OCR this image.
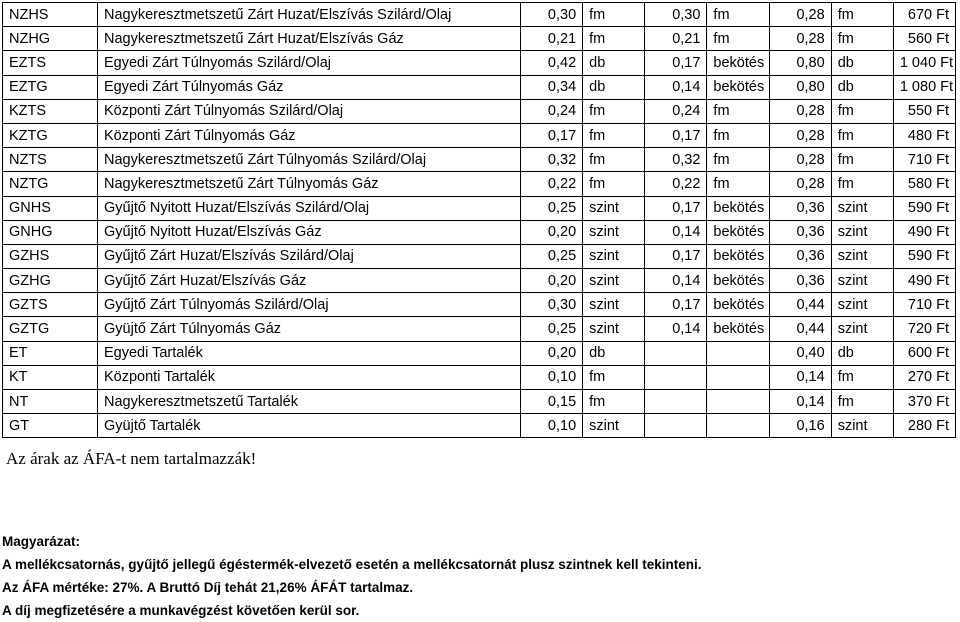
NZHS	Nagykeresztmetszetű Zárt Huzat/Elszívás Szilárd/Olaj	0,30	fm	0,30	fm	0,28	fm	670 Ft
NZHG	Nagykeresztmetszetű Zárt Huzat/Elszívás Gáz	0,21	fm	0,21	fm	0,28	fm	560 Ft
EZTS	Egyedi Zárt Túlnyomás Szilárd/Olaj	0,42	db	0,17	bekötés	0,80	db	1 040 Ft
EZTG	Egyedi Zárt Túlnyomás Gáz	0,34	db	0,14	bekötés	0,80	db	1 080 Ft
KZTS	Központi Zárt Túlnyomás Szilárd/Olaj	0,24	fm	0,24	fm	0,28	fm	550 Ft
KZTG	Központi Zárt Túlnyomás Gáz	0,17	fm	0,17	fm	0,28	fm	480 Ft
NZTS	Nagykeresztmetszetű Zárt Túlnyomás Szilárd/Olaj	0,32	fm	0,32	fm	0,28	fm	710 Ft
NZTG	Nagykeresztmetszetű Zárt Túlnyomás Gáz	0,22	fm	0,22	fm	0,28	fm	580 Ft
GNHS	Gyűjtő Nyitott Huzat/Elszívás Szilárd/Olaj	0,25	szint	0,17	bekötés	0,36	szint	590 Ft
GNHG	Gyűjtő Nyitott Huzat/Elszívás Gáz	0,20	szint	0,14	bekötés	0,36	szint	490 Ft
GZHS	Gyűjtő Zárt Huzat/Elszívás Szilárd/Olaj	0,25	szint	0,17	bekötés	0,36	szint	590 Ft
GZHG	Gyűjtő Zárt Huzat/Elszívás Gáz	0,20	szint	0,14	bekötés	0,36	szint	490 Ft
GZTS	Gyűjtő Zárt Túlnyomás Szilárd/Olaj	0,30	szint	0,17	bekötés	0,44	szint	710 Ft
GZTG	Gyüjtő Zárt Túlnyomás Gáz	0,25	szint	0,14	bekötés	0,44	szint	720 Ft
ET	Egyedi Tartalék	0,20	db			0,40	db	600 Ft
KT	Központi Tartalék	0,10	fm			0,14	fm	270 Ft
NT	Nagykeresztmetszetű Tartalék	0,15	fm			0,14	fm	370 Ft
GT	Gyüjtő Tartalék	0,10	szint			0,16	szint	280 Ft
Az árak az ÁFA-t nem tartalmazzák!
Magyarázat:
A mellékcsatornás, gyűjtő jellegű égéstermék-elvezető esetén a mellékcsatornát plusz szintnek kell tekinteni.
Az ÁFA mértéke: 27%. A Bruttó Díj tehát 21,26% ÁFÁT tartalmaz.
A díj megfizetésére a munkavégzést követően kerül sor.
